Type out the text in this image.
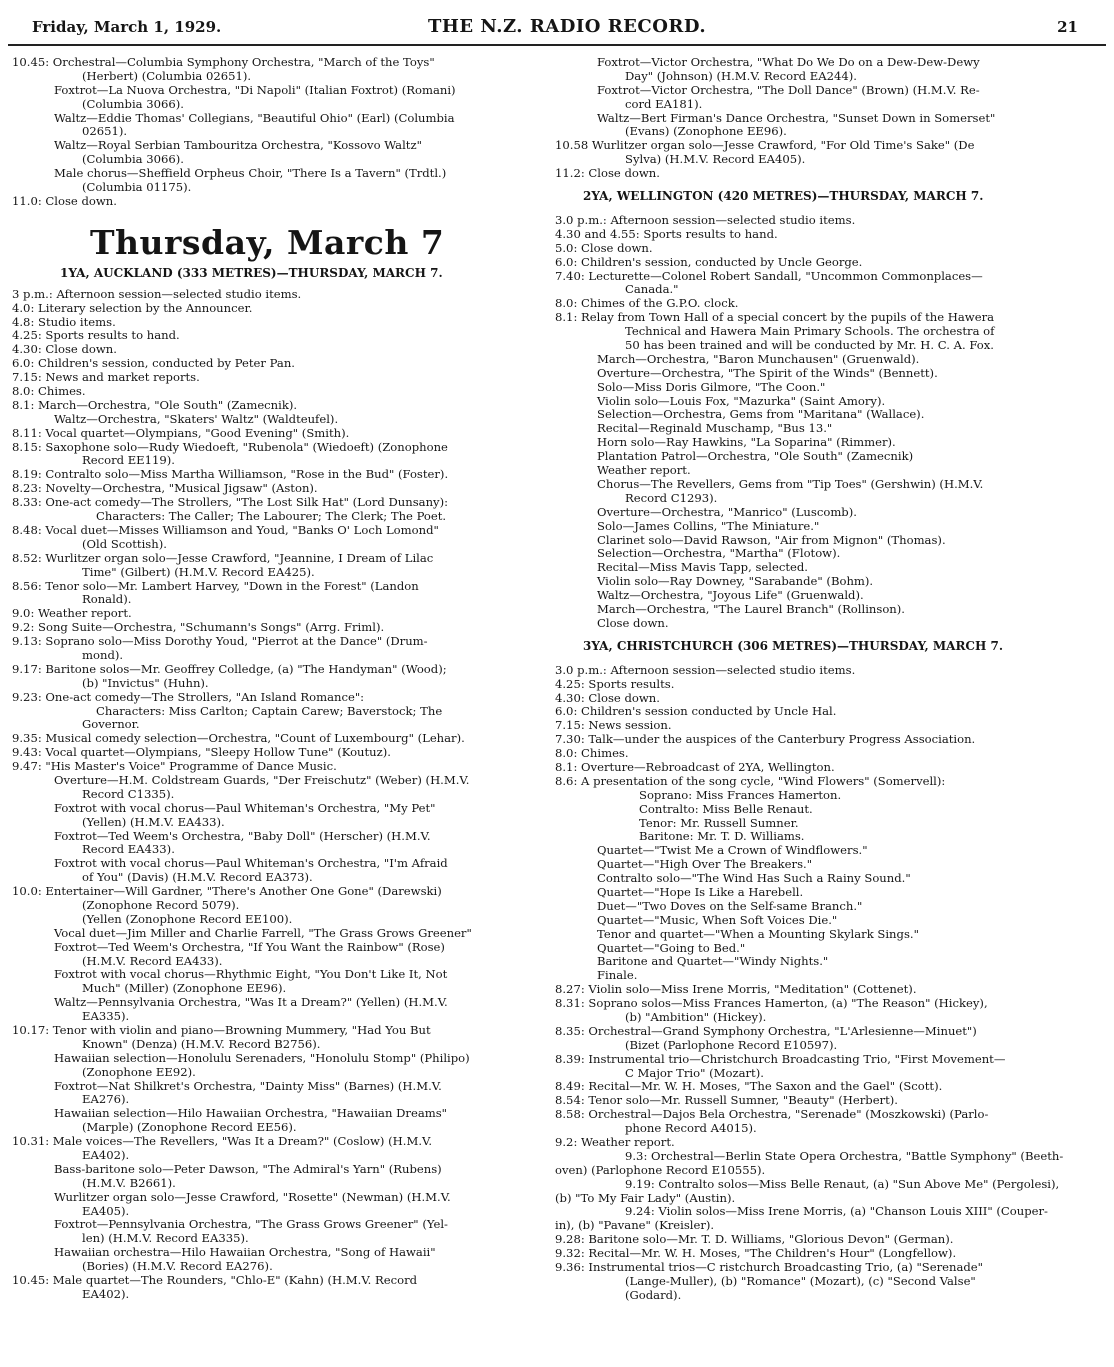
Friday, March 1, 1929.	THE N.Z. RADIO RECORD.	21
10.45: Orchestral—Columbia Symphony Orchestra, "March of the Toys"
(Herbert) (Columbia 02651).
Foxtrot—La Nuova Orchestra, "Di Napoli" (Italian Foxtrot) (Romani)
(Columbia 3066).
Waltz—Eddie Thomas' Collegians, "Beautiful Ohio" (Earl) (Columbia
02651).
Waltz—Royal Serbian Tambouritza Orchestra, "Kossovo Waltz"
(Columbia 3066).
Male chorus—Sheffield Orpheus Choir, "There Is a Tavern" (Trdtl.)
(Columbia 01175).
11.0: Close down.
Thursday, March 7
1YA, AUCKLAND (333 METRES)—THURSDAY, MARCH 7.
3 p.m.: Afternoon session—selected studio items.
4.0: Literary selection by the Announcer.
4.8: Studio items.
4.25: Sports results to hand.
4.30: Close down.
6.0: Children's session, conducted by Peter Pan.
7.15: News and market reports.
8.0: Chimes.
8.1: March—Orchestra, "Ole South" (Zamecnik).
Waltz—Orchestra, "Skaters' Waltz" (Waldteufel).
8.11: Vocal quartet—Olympians, "Good Evening" (Smith).
8.15: Saxophone solo—Rudy Wiedoeft, "Rubenola" (Wiedoeft) (Zonophone
Record EE119).
8.19: Contralto solo—Miss Martha Williamson, "Rose in the Bud" (Foster).
8.23: Novelty—Orchestra, "Musical Jigsaw" (Aston).
8.33: One-act comedy—The Strollers, "The Lost Silk Hat" (Lord Dunsany):
Characters: The Caller; The Labourer; The Clerk; The Poet.
8.48: Vocal duet—Misses Williamson and Youd, "Banks O' Loch Lomond"
(Old Scottish).
8.52: Wurlitzer organ solo—Jesse Crawford, "Jeannine, I Dream of Lilac
Time" (Gilbert) (H.M.V. Record EA425).
8.56: Tenor solo—Mr. Lambert Harvey, "Down in the Forest" (Landon
Ronald).
9.0: Weather report.
9.2: Song Suite—Orchestra, "Schumann's Songs" (Arrg. Friml).
9.13: Soprano solo—Miss Dorothy Youd, "Pierrot at the Dance" (Drum-
mond).
9.17: Baritone solos—Mr. Geoffrey Colledge, (a) "The Handyman" (Wood);
(b) "Invictus" (Huhn).
9.23: One-act comedy—The Strollers, "An Island Romance":
Characters: Miss Carlton; Captain Carew; Baverstock; The
Governor.
9.35: Musical comedy selection—Orchestra, "Count of Luxembourg" (Lehar).
9.43: Vocal quartet—Olympians, "Sleepy Hollow Tune" (Koutuz).
9.47: "His Master's Voice" Programme of Dance Music.
Overture—H.M. Coldstream Guards, "Der Freischutz" (Weber) (H.M.V.
Record C1335).
Foxtrot with vocal chorus—Paul Whiteman's Orchestra, "My Pet"
(Yellen) (H.M.V. EA433).
Foxtrot—Ted Weem's Orchestra, "Baby Doll" (Herscher) (H.M.V.
Record EA433).
Foxtrot with vocal chorus—Paul Whiteman's Orchestra, "I'm Afraid
of You" (Davis) (H.M.V. Record EA373).
10.0: Entertainer—Will Gardner, "There's Another One Gone" (Darewski)
(Zonophone Record 5079).
(Yellen (Zonophone Record EE100).
Vocal duet—Jim Miller and Charlie Farrell, "The Grass Grows Greener"
Foxtrot—Ted Weem's Orchestra, "If You Want the Rainbow" (Rose)
(H.M.V. Record EA433).
Foxtrot with vocal chorus—Rhythmic Eight, "You Don't Like It, Not
Much" (Miller) (Zonophone EE96).
Waltz—Pennsylvania Orchestra, "Was It a Dream?" (Yellen) (H.M.V.
EA335).
10.17: Tenor with violin and piano—Browning Mummery, "Had You But
Known" (Denza) (H.M.V. Record B2756).
Hawaiian selection—Honolulu Serenaders, "Honolulu Stomp" (Philipo)
(Zonophone EE92).
Foxtrot—Nat Shilkret's Orchestra, "Dainty Miss" (Barnes) (H.M.V.
EA276).
Hawaiian selection—Hilo Hawaiian Orchestra, "Hawaiian Dreams"
(Marple) (Zonophone Record EE56).
10.31: Male voices—The Revellers, "Was It a Dream?" (Coslow) (H.M.V.
EA402).
Bass-baritone solo—Peter Dawson, "The Admiral's Yarn" (Rubens)
(H.M.V. B2661).
Wurlitzer organ solo—Jesse Crawford, "Rosette" (Newman) (H.M.V.
EA405).
Foxtrot—Pennsylvania Orchestra, "The Grass Grows Greener" (Yel-
len) (H.M.V. Record EA335).
Hawaiian orchestra—Hilo Hawaiian Orchestra, "Song of Hawaii"
(Bories) (H.M.V. Record EA276).
10.45: Male quartet—The Rounders, "Chlo-E" (Kahn) (H.M.V. Record
EA402).
Foxtrot—Victor Orchestra, "What Do We Do on a Dew-Dew-Dewy
Day" (Johnson) (H.M.V. Record EA244).
Foxtrot—Victor Orchestra, "The Doll Dance" (Brown) (H.M.V. Re-
cord EA181).
Waltz—Bert Firman's Dance Orchestra, "Sunset Down in Somerset"
(Evans) (Zonophone EE96).
10.58 Wurlitzer organ solo—Jesse Crawford, "For Old Time's Sake" (De
Sylva) (H.M.V. Record EA405).
11.2: Close down.
2YA, WELLINGTON (420 METRES)—THURSDAY, MARCH 7.
3.0 p.m.: Afternoon session—selected studio items.
4.30 and 4.55: Sports results to hand.
5.0: Close down.
6.0: Children's session, conducted by Uncle George.
7.40: Lecturette—Colonel Robert Sandall, "Uncommon Commonplaces—
Canada."
8.0: Chimes of the G.P.O. clock.
8.1: Relay from Town Hall of a special concert by the pupils of the Hawera
Technical and Hawera Main Primary Schools. The orchestra of
50 has been trained and will be conducted by Mr. H. C. A. Fox.
March—Orchestra, "Baron Munchausen" (Gruenwald).
Overture—Orchestra, "The Spirit of the Winds" (Bennett).
Solo—Miss Doris Gilmore, "The Coon."
Violin solo—Louis Fox, "Mazurka" (Saint Amory).
Selection—Orchestra, Gems from "Maritana" (Wallace).
Recital—Reginald Muschamp, "Bus 13."
Horn solo—Ray Hawkins, "La Soparina" (Rimmer).
Plantation Patrol—Orchestra, "Ole South" (Zamecnik)
Weather report.
Chorus—The Revellers, Gems from "Tip Toes" (Gershwin) (H.M.V.
Record C1293).
Overture—Orchestra, "Manrico" (Luscomb).
Solo—James Collins, "The Miniature."
Clarinet solo—David Rawson, "Air from Mignon" (Thomas).
Selection—Orchestra, "Martha" (Flotow).
Recital—Miss Mavis Tapp, selected.
Violin solo—Ray Downey, "Sarabande" (Bohm).
Waltz—Orchestra, "Joyous Life" (Gruenwald).
March—Orchestra, "The Laurel Branch" (Rollinson).
Close down.
3YA, CHRISTCHURCH (306 METRES)—THURSDAY, MARCH 7.
3.0 p.m.: Afternoon session—selected studio items.
4.25: Sports results.
4.30: Close down.
6.0: Children's session conducted by Uncle Hal.
7.15: News session.
7.30: Talk—under the auspices of the Canterbury Progress Association.
8.0: Chimes.
8.1: Overture—Rebroadcast of 2YA, Wellington.
8.6: A presentation of the song cycle, "Wind Flowers" (Somervell):
Soprano: Miss Frances Hamerton.
Contralto: Miss Belle Renaut.
Tenor: Mr. Russell Sumner.
Baritone: Mr. T. D. Williams.
Quartet—"Twist Me a Crown of Windflowers."
Quartet—"High Over The Breakers."
Contralto solo—"The Wind Has Such a Rainy Sound."
Quartet—"Hope Is Like a Harebell.
Duet—"Two Doves on the Self-same Branch."
Quartet—"Music, When Soft Voices Die."
Tenor and quartet—"When a Mounting Skylark Sings."
Quartet—"Going to Bed."
Baritone and Quartet—"Windy Nights."
Finale.
8.27: Violin solo—Miss Irene Morris, "Meditation" (Cottenet).
8.31: Soprano solos—Miss Frances Hamerton, (a) "The Reason" (Hickey),
(b) "Ambition" (Hickey).
8.35: Orchestral—Grand Symphony Orchestra, "L'Arlesienne—Minuet")
(Bizet (Parlophone Record E10597).
8.39: Instrumental trio—Christchurch Broadcasting Trio, "First Movement—
C Major Trio" (Mozart).
8.49: Recital—Mr. W. H. Moses, "The Saxon and the Gael" (Scott).
8.54: Tenor solo—Mr. Russell Sumner, "Beauty" (Herbert).
8.58: Orchestral—Dajos Bela Orchestra, "Serenade" (Moszkowski) (Parlo-
phone Record A4015).
9.2: Weather report.
9.3: Orchestral—Berlin State Opera Orchestra, "Battle Symphony" (Beeth-
oven) (Parlophone Record E10555).
9.19: Contralto solos—Miss Belle Renaut, (a) "Sun Above Me" (Pergolesi),
(b) "To My Fair Lady" (Austin).
9.24: Violin solos—Miss Irene Morris, (a) "Chanson Louis XIII" (Couper-
in), (b) "Pavane" (Kreisler).
9.28: Baritone solo—Mr. T. D. Williams, "Glorious Devon" (German).
9.32: Recital—Mr. W. H. Moses, "The Children's Hour" (Longfellow).
9.36: Instrumental trios—C ristchurch Broadcasting Trio, (a) "Serenade"
(Lange-Muller), (b) "Romance" (Mozart), (c) "Second Valse"
(Godard).
